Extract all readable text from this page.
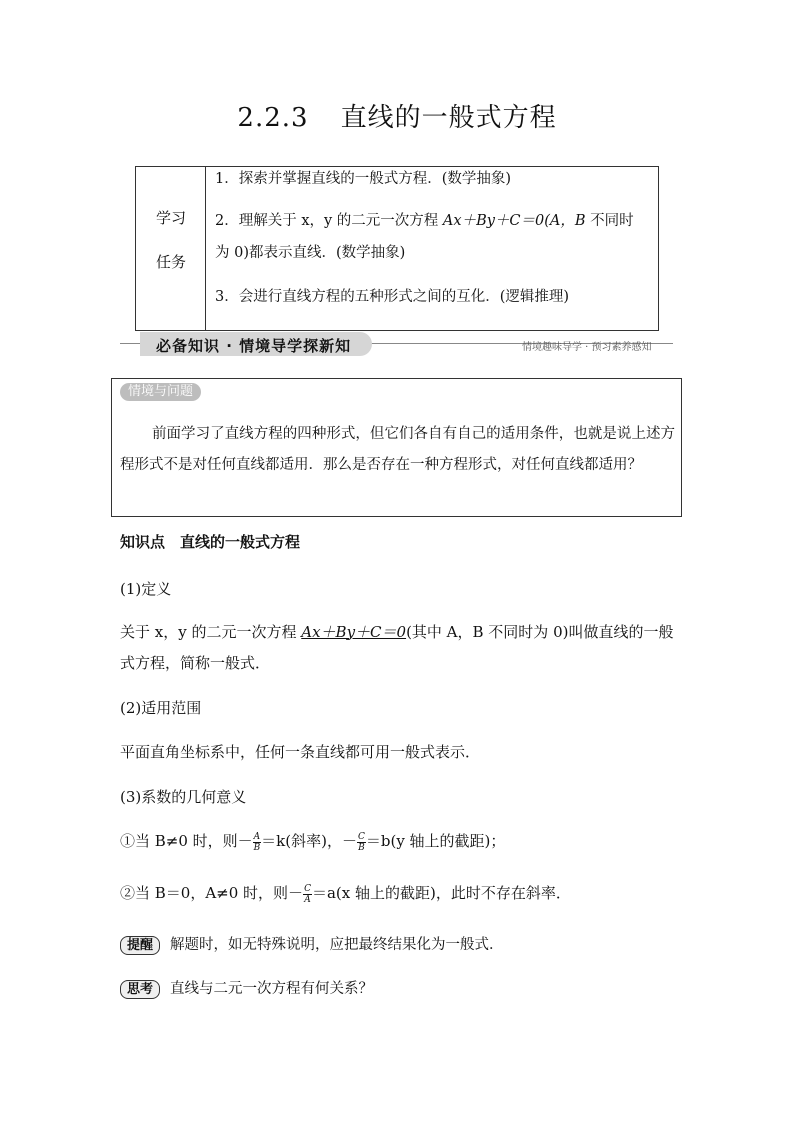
2.2.3 直线的一般式方程
学习
任务
1．探索并掌握直线的一般式方程．(数学抽象)
2．理解关于 x，y 的二元一次方程 Ax＋By＋C＝0(A，B 不同时
为 0)都表示直线．(数学抽象)
3．会进行直线方程的五种形式之间的互化．(逻辑推理)
必备知识 · 情境导学探新知	情境趣味导学 · 预习素养感知
情境与问题
前面学习了直线方程的四种形式，但它们各自有自己的适用条件，也就是说上述方程形式不是对任何直线都适用．那么是否存在一种方程形式，对任何直线都适用？
知识点　直线的一般式方程
(1)定义
关于 x，y 的二元一次方程 Ax＋By＋C＝0(其中 A，B 不同时为 0)叫做直线的一般
式方程，简称一般式．
(2)适用范围
平面直角坐标系中，任何一条直线都可用一般式表示．
(3)系数的几何意义
①当 B≠0 时，则－ $\frac{A}{B} =k$(斜率)，－ $\frac{C}{B} =b(y$ 轴上的截距)；
②当 B＝0，A≠0 时，则－ $\frac{C}{A} =a(x$ 轴上的截距)，此时不存在斜率．
提醒 解题时，如无特殊说明，应把最终结果化为一般式．
思考 直线与二元一次方程有何关系？
